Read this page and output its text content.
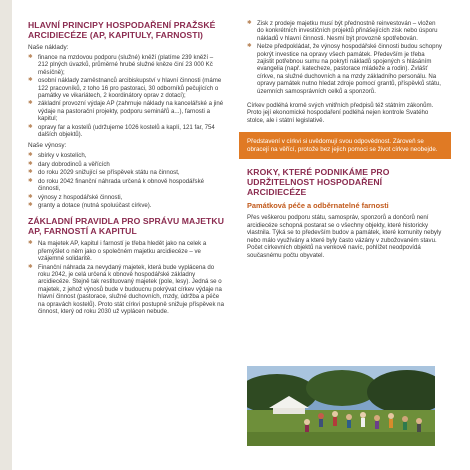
HLAVNÍ PRINCIPY HOSPODAŘENÍ PRAŽSKÉ ARCIDIECÉZE (AP, KAPITULY, FARNOSTI)
Naše náklady:
✱ finance na mzdovou podporu (služné) kněží (platíme 239 kněží – 212 plných úvazků, průměrné hrubé služné kněze činí 23 000 Kč měsíčně);
✱ osobní náklady zaměstnanců arcibiskupství v hlavní činnosti (máme 122 pracovníků, z toho 16 pro pastoraci, 30 odborníků pečujících o památky ve vikariátech, 2 koordinátory oprav z dotací);
✱ základní provozní výdaje AP (zahrnuje náklady na kancelářské a jiné výdaje na pastorační projekty, podporu seminářů a...), farnosti a kapitul;
✱ opravy far a kostelů (udržujeme 1026 kostelů a kaplí, 121 far, 754 dalších objektů).
Naše výnosy:
✱ sbírky v kostelích,
✱ dary dobrodinců a věřících
✱ do roku 2029 snižující se příspěvek státu na činnost,
✱ do roku 2042 finanční náhrada určená k obnově hospodářské činnosti,
✱ výnosy z hospodářské činnosti,
✱ granty a dotace (nutná spoluúčast církve).
ZÁKLADNÍ PRAVIDLA PRO SPRÁVU MAJETKU AP, FARNOSTÍ A KAPITUL
✱ Na majetek AP, kapitul i farností je třeba hledět jako na celek a přemýšlet o něm jako o společném majetku arcidiecéze – ve vzájemné solidaritě.
✱ Finanční náhrada za nevydaný majetek, která bude vyplácena do roku 2042, je celá určená k obnově hospodářské základny arcidiecéze. Stejně tak restituovaný majetek (pole, lesy). Jedná se o majetek, z jehož výnosů bude v budoucnu pokrývat církev výdaje na hlavní činnost (pastorace, služné duchovních, mzdy, údržba a péče na opravách kostelů). Proto stát církvi postupně snižuje příspěvek na činnost, který od roku 2030 už vyplácen nebude.
✱ Zisk z prodeje majetku musí být přednostně reinvestován – vložen do konkrétních investičních projektů přinášejících zisk nebo úsporu nákladů v hlavní činnosti. Nesmí být provozně spotřebován.
✱ Nelze předpokládat, že výnosy hospodářské činnosti budou schopny pokrýt investice na opravy všech památek. Především je třeba zajistit potřebnou sumu na pokrytí nákladů spojených s hlásáním evangelia (např. katecheze, pastorace mládeže a rodin). Zvlášť církve, na služné duchovních a na mzdy základního personálu. Na opravy památek nutno hledat zdroje pomocí grantů, příspěvků státu, územních samosprávních celků a sponzorů.

Církev podléhá kromě svých vnitřních předpisů též státním zákonům. Proto její ekonomické hospodaření podléhá nejen kontrole Svatého stolce, ale i státní legislativě.

Představení v církvi si uvědomují svou odpovědnost. Zároveň se obracejí na věřící, protože bez jejich pomoci se život církve neobejde.

KROKY, KTERÉ PODNIKÁME PRO UDRŽITELNOST HOSPODAŘENÍ ARCIDIECÉZE
Památková péče a odběrnatelné farnosti

Přes veškerou podporu státu, samospráv, sponzorů a dončorů není arcidiecéze schopná postarat se o všechny objekty, které historicky vlastnila. Týká se to především budov a památek, které komunity nebyly nebo málo využívány a které byly často vázány v zubožovaném stavu. Počet církevních objektů na venkově navíc, pohlížet neodpovídá současnému počtu obyvatel.
